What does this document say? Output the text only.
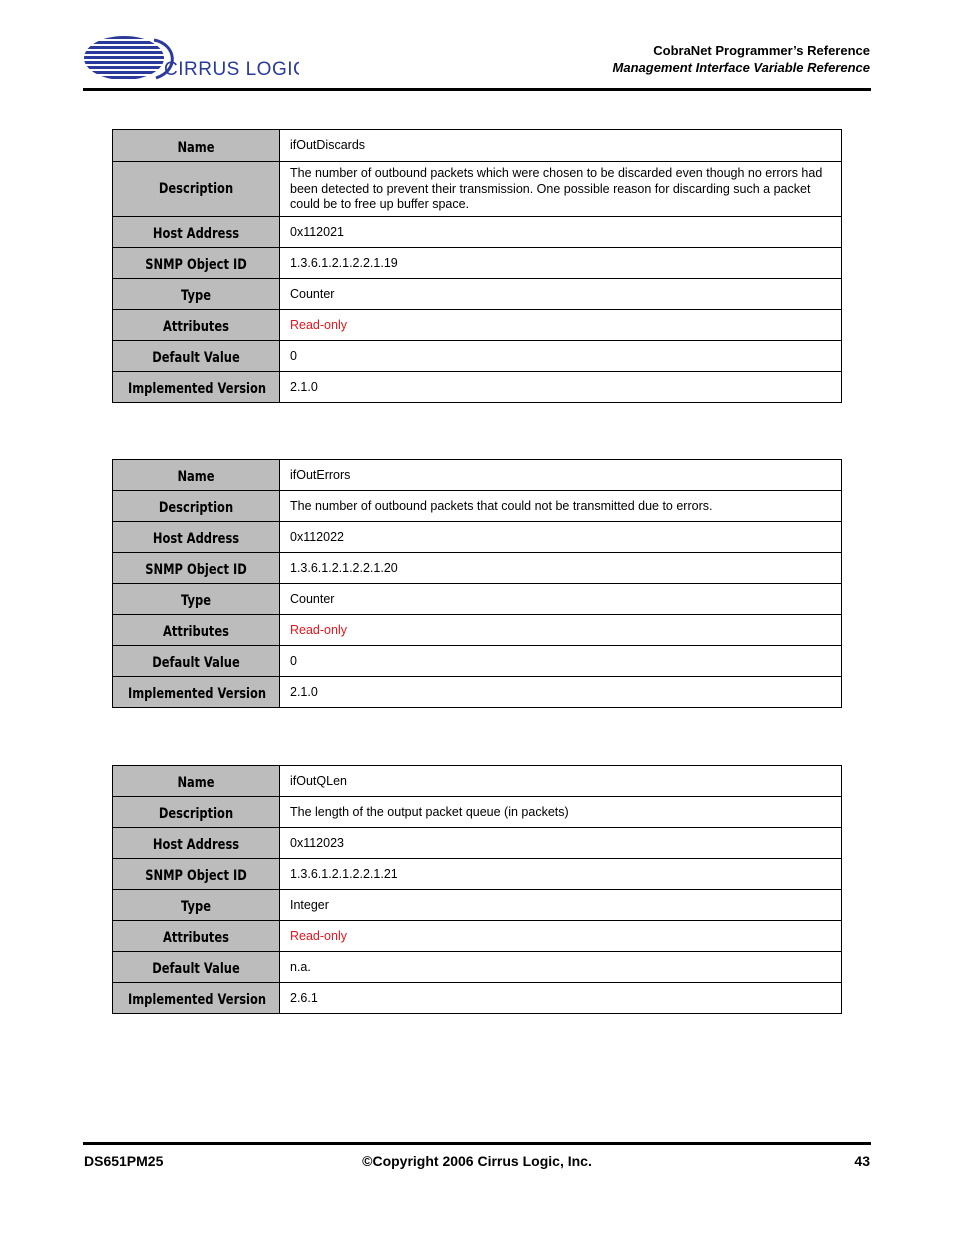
CIRRUS LOGIC
CobraNet Programmer’s Reference
Management Interface Variable Reference
Name	ifOutDiscards

Description	The number of outbound packets which were chosen to be discarded even though no errors had been detected to prevent their transmission. One possible reason for discarding such a packet could be to free up buffer space.

Host Address	0x112021

SNMP Object ID	1.3.6.1.2.1.2.2.1.19

Type	Counter

Attributes	Read-only

Default Value	0

Implemented Version	2.1.0
Name	ifOutErrors

Description	The number of outbound packets that could not be transmitted due to errors.

Host Address	0x112022

SNMP Object ID	1.3.6.1.2.1.2.2.1.20

Type	Counter

Attributes	Read-only

Default Value	0

Implemented Version	2.1.0
Name	ifOutQLen

Description	The length of the output packet queue (in packets)

Host Address	0x112023

SNMP Object ID	1.3.6.1.2.1.2.2.1.21

Type	Integer

Attributes	Read-only

Default Value	n.a.

Implemented Version	2.6.1
DS651PM25	©Copyright 2006 Cirrus Logic, Inc.	43
